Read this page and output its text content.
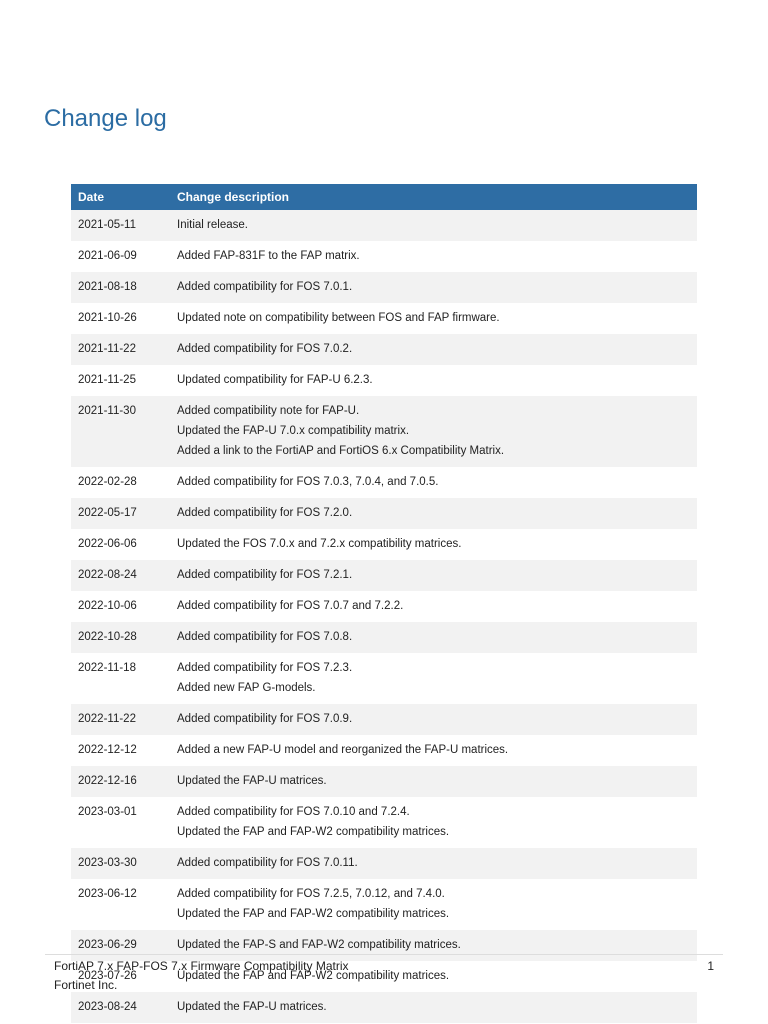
Change log
Date	Change description
2021-05-11	Initial release.

2021-06-09	Added FAP-831F to the FAP matrix.

2021-08-18	Added compatibility for FOS 7.0.1.

2021-10-26	Updated note on compatibility between FOS and FAP firmware.

2021-11-22	Added compatibility for FOS 7.0.2.

2021-11-25	Updated compatibility for FAP-U 6.2.3.

2021-11-30	Added compatibility note for FAP-U.
Updated the FAP-U 7.0.x compatibility matrix.
Added a link to the FortiAP and FortiOS 6.x Compatibility Matrix.

2022-02-28	Added compatibility for FOS 7.0.3, 7.0.4, and 7.0.5.

2022-05-17	Added compatibility for FOS 7.2.0.

2022-06-06	Updated the FOS 7.0.x and 7.2.x compatibility matrices.

2022-08-24	Added compatibility for FOS 7.2.1.

2022-10-06	Added compatibility for FOS 7.0.7 and 7.2.2.

2022-10-28	Added compatibility for FOS 7.0.8.

2022-11-18	Added compatibility for FOS 7.2.3.
Added new FAP G-models.

2022-11-22	Added compatibility for FOS 7.0.9.

2022-12-12	Added a new FAP-U model and reorganized the FAP-U matrices.

2022-12-16	Updated the FAP-U matrices.

2023-03-01	Added compatibility for FOS 7.0.10 and 7.2.4.
Updated the FAP and FAP-W2 compatibility matrices.

2023-03-30	Added compatibility for FOS 7.0.11.

2023-06-12	Added compatibility for FOS 7.2.5, 7.0.12, and 7.4.0.
Updated the FAP and FAP-W2 compatibility matrices.

2023-06-29	Updated the FAP-S and FAP-W2 compatibility matrices.

2023-07-26	Updated the FAP and FAP-W2 compatibility matrices.

2023-08-24	Updated the FAP-U matrices.
FortiAP 7.x FAP-FOS 7.x Firmware Compatibility Matrix	1
Fortinet Inc.
